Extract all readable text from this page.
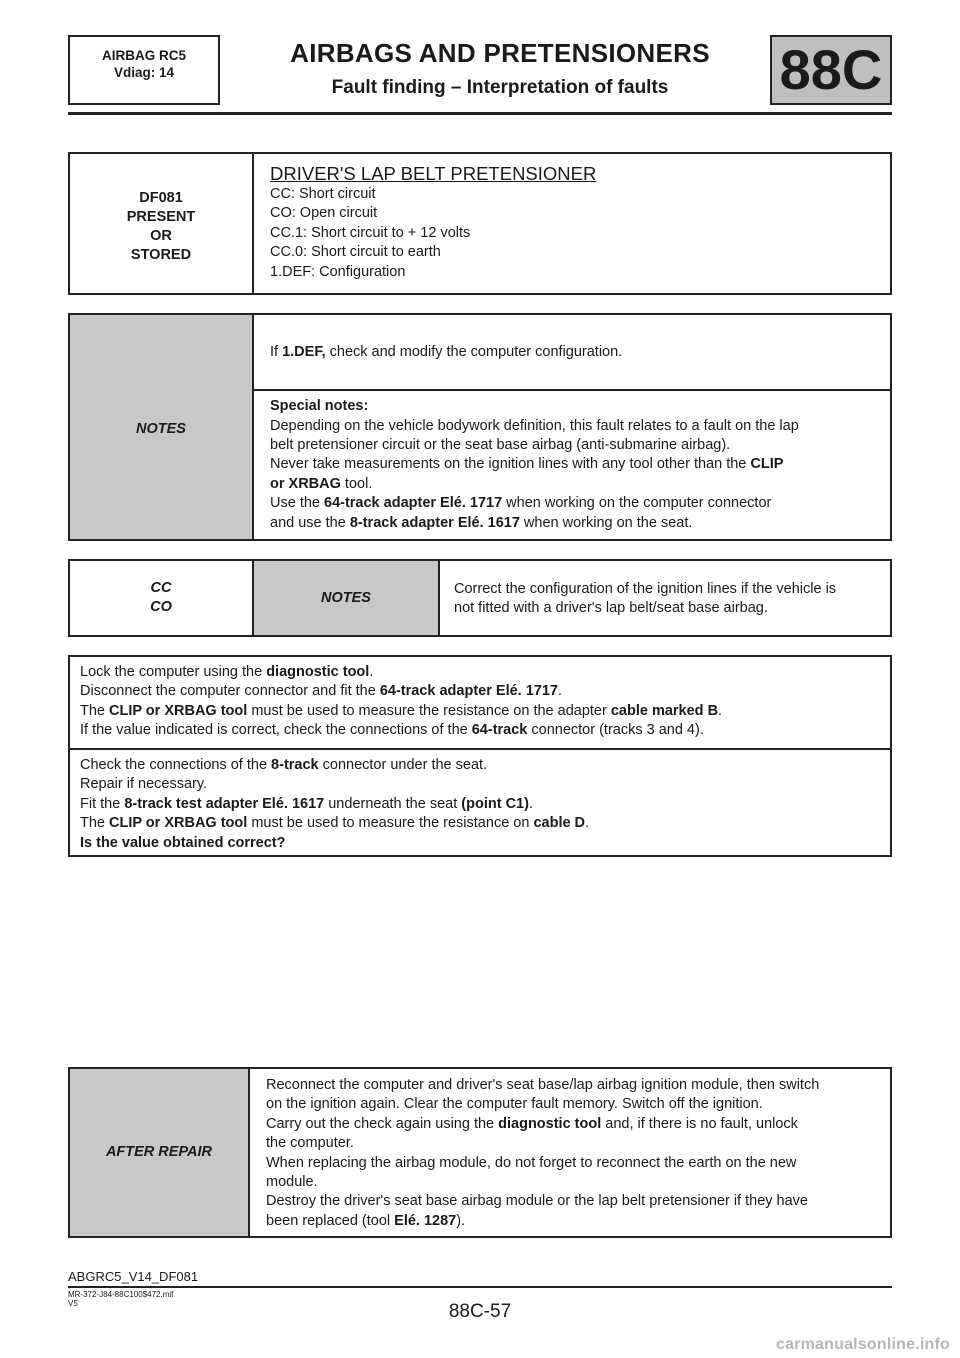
AIRBAG RC5
Vdiag: 14
AIRBAGS AND PRETENSIONERS
Fault finding – Interpretation of faults	88C
DF081
PRESENT
OR
STORED
DRIVER'S LAP BELT PRETENSIONER
CC: Short circuit
CO: Open circuit
CC.1: Short circuit to + 12 volts
CC.0: Short circuit to earth
1.DEF: Configuration
NOTES
If 1.DEF, check and modify the computer configuration.
Special notes:
Depending on the vehicle bodywork definition, this fault relates to a fault on the lap
belt pretensioner circuit or the seat base airbag (anti-submarine airbag).
Never take measurements on the ignition lines with any tool other than the CLIP
or XRBAG tool.
Use the 64-track adapter Elé. 1717 when working on the computer connector
and use the 8-track adapter Elé. 1617 when working on the seat.
CC
CO
NOTES
Correct the configuration of the ignition lines if the vehicle is
not fitted with a driver's lap belt/seat base airbag.
Lock the computer using the diagnostic tool.
Disconnect the computer connector and fit the 64-track adapter Elé. 1717.
The CLIP or XRBAG tool must be used to measure the resistance on the adapter cable marked B.
If the value indicated is correct, check the connections of the 64-track connector (tracks 3 and 4).
Check the connections of the 8-track connector under the seat.
Repair if necessary.
Fit the 8-track test adapter Elé. 1617 underneath the seat (point C1).
The CLIP or XRBAG tool must be used to measure the resistance on cable D.
Is the value obtained correct?
AFTER REPAIR
Reconnect the computer and driver's seat base/lap airbag ignition module, then switch
on the ignition again. Clear the computer fault memory. Switch off the ignition.
Carry out the check again using the diagnostic tool and, if there is no fault, unlock
the computer.
When replacing the airbag module, do not forget to reconnect the earth on the new
module.
Destroy the driver's seat base airbag module or the lap belt pretensioner if they have
been replaced (tool Elé. 1287).
ABGRC5_V14_DF081
MR-372-J84-88C100$472.mif
V5	88C-57
carmanualsonline.info
